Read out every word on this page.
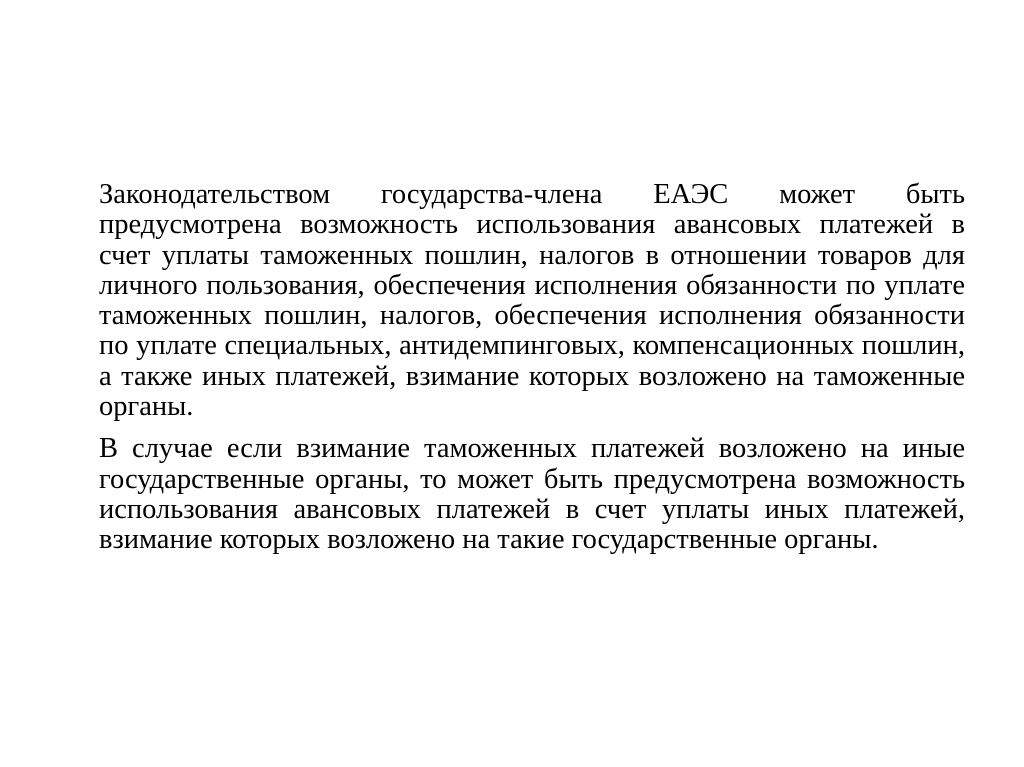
Законодательством государства-члена ЕАЭС может быть предусмотрена возможность использования авансовых платежей в счет уплаты таможенных пошлин, налогов в отношении товаров для личного пользования, обеспечения исполнения обязанности по уплате таможенных пошлин, налогов, обеспечения исполнения обязанности по уплате специальных, антидемпинговых, компенсационных пошлин, а также иных платежей, взимание которых возложено на таможенные органы.

В случае если взимание таможенных платежей возложено на иные государственные органы, то может быть предусмотрена возможность использования авансовых платежей в счет уплаты иных платежей, взимание которых возложено на такие государственные органы.
